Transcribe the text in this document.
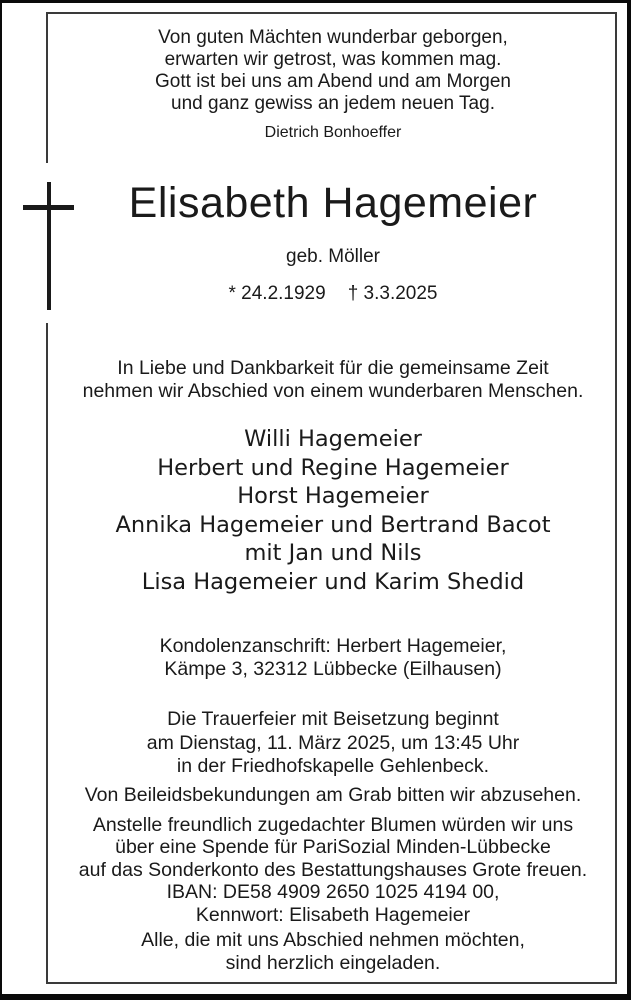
Von guten Mächten wunderbar geborgen,
erwarten wir getrost, was kommen mag.
Gott ist bei uns am Abend und am Morgen
und ganz gewiss an jedem neuen Tag.
Dietrich Bonhoeffer
Elisabeth Hagemeier
geb. Möller
* 24.2.1929 † 3.3.2025
In Liebe und Dankbarkeit für die gemeinsame Zeit
nehmen wir Abschied von einem wunderbaren Menschen.
Willi Hagemeier
Herbert und Regine Hagemeier
Horst Hagemeier
Annika Hagemeier und Bertrand Bacot
mit Jan und Nils
Lisa Hagemeier und Karim Shedid
Kondolenzanschrift: Herbert Hagemeier,
Kämpe 3, 32312 Lübbecke (Eilhausen)
Die Trauerfeier mit Beisetzung beginnt
am Dienstag, 11. März 2025, um 13:45 Uhr
in der Friedhofskapelle Gehlenbeck.
Von Beileidsbekundungen am Grab bitten wir abzusehen.
Anstelle freundlich zugedachter Blumen würden wir uns
über eine Spende für PariSozial Minden-Lübbecke
auf das Sonderkonto des Bestattungshauses Grote freuen.
IBAN: DE58 4909 2650 1025 4194 00,
Kennwort: Elisabeth Hagemeier
Alle, die mit uns Abschied nehmen möchten,
sind herzlich eingeladen.
